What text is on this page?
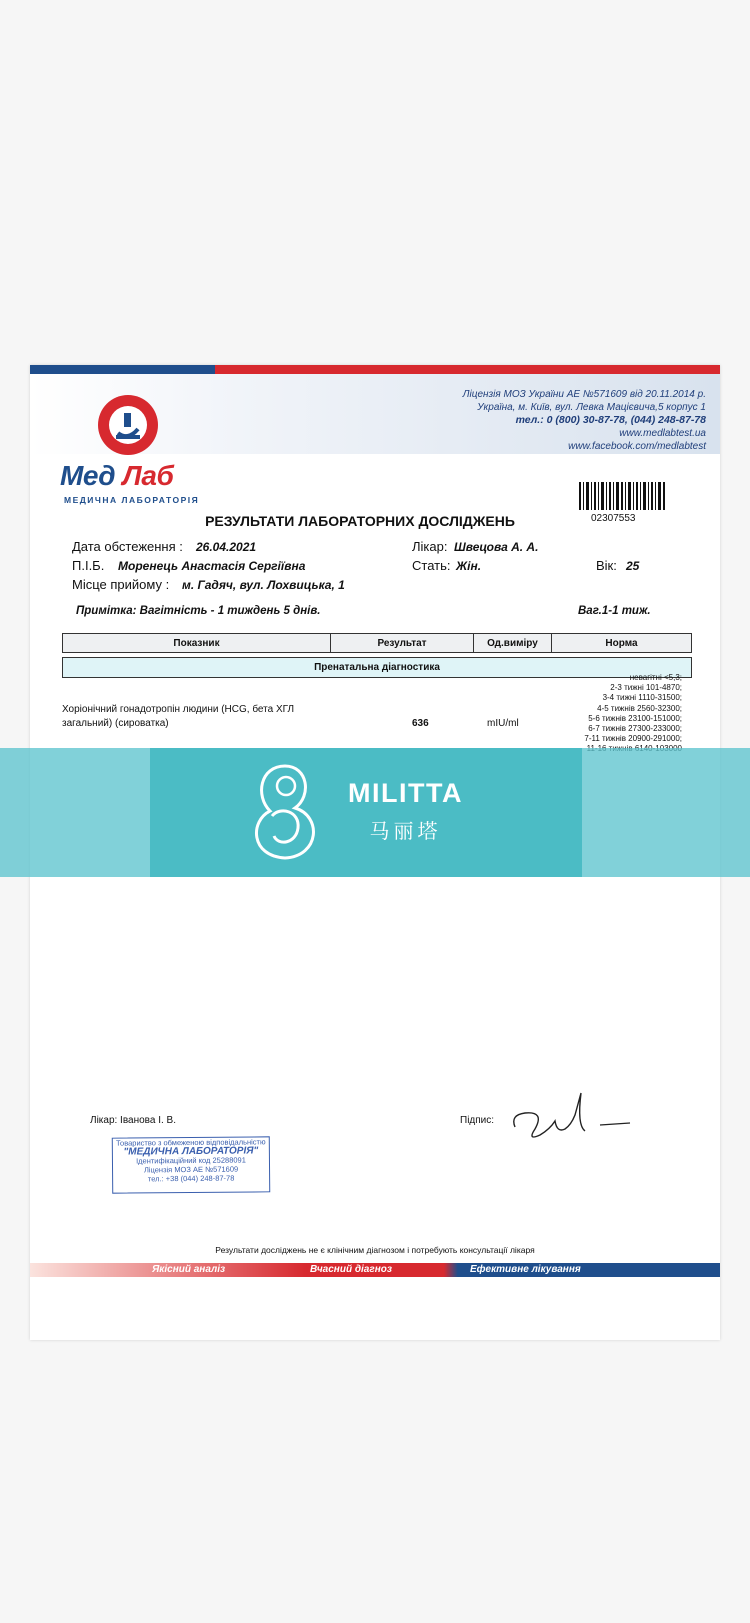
Ліцензія МОЗ України АЕ №571609 від 20.11.2014 р.
Україна, м. Київ, вул. Левка Мацієвича,5 корпус 1
тел.: 0 (800) 30-87-78, (044) 248-87-78
www.medlabtest.ua
www.facebook.com/medlabtest
Мед Лаб
МЕДИЧНА ЛАБОРАТОРІЯ
02307553
РЕЗУЛЬТАТИ ЛАБОРАТОРНИХ ДОСЛІДЖЕНЬ
Дата обстеження : 26.04.2021
П.І.Б. Моренець Анастасія Сергіївна
Місце прийому : м. Гадяч, вул. Лохвицька, 1
Лікар: Швецова А. А.
Стать: Жін.	Вік: 25
Примітка: Вагітність - 1 тиждень 5 днів.	Ваг.1-1 тиж.
Показник	Результат	Од.виміру	Норма

Пренатальна діагностика
Хоріонічний гонадотропін людини (HCG, бета ХГЛ загальний) (сироватка)	636	mIU/ml
невагітні <5,3;
2-3 тижні 101-4870;
3-4 тижні 1110-31500;
4-5 тижнів 2560-32300;
5-6 тижнів 23100-151000;
6-7 тижнів 27300-233000;
7-11 тижнів 20900-291000;
Лікар: Іванова І. В.
Товариство з обмеженою відповідальністю
"МЕДИЧНА ЛАБОРАТОРІЯ"
Ідентифікаційний код 25288091
Ліцензія МОЗ АЕ №571609
тел.: +38 (044) 248-87-78
Підпис:
Результати досліджень не є клінічним діагнозом і потребують консультації лікаря
Якісний аналіз	Вчасний діагноз	Ефективне лікування
MILITTA
马丽塔
